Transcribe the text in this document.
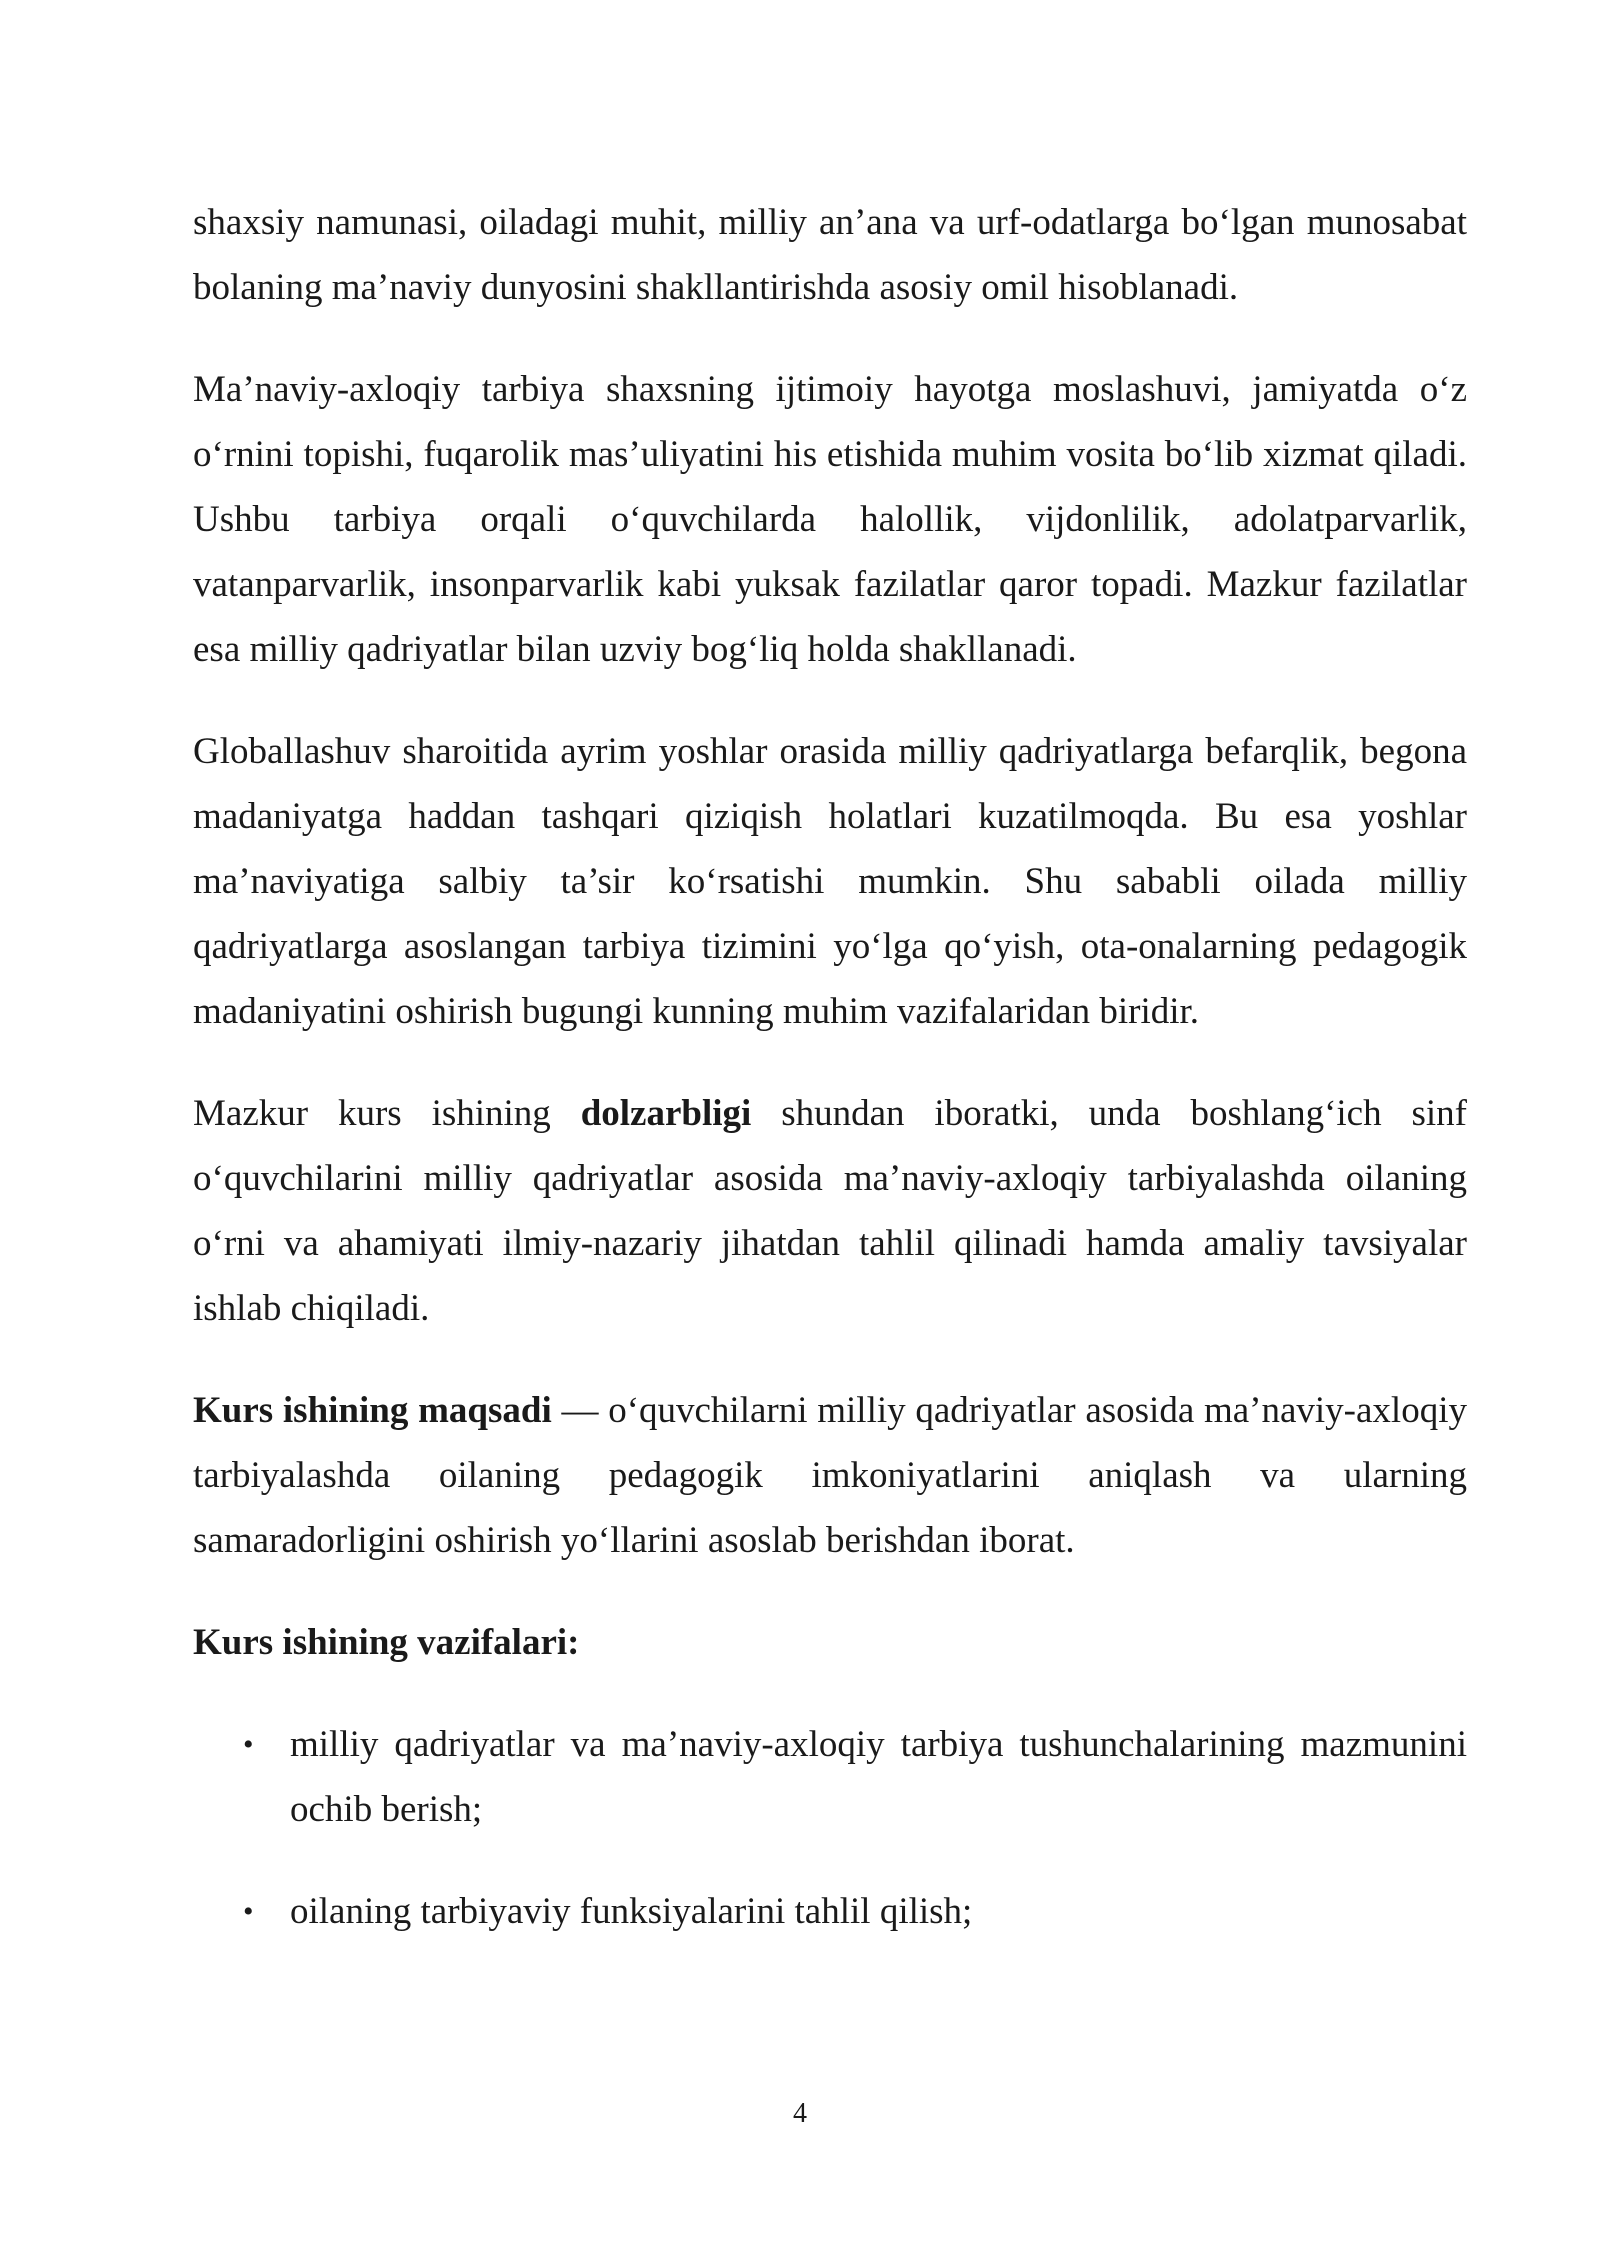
shaxsiy namunasi, oiladagi muhit, milliy an’ana va urf-odatlarga bo‘lgan munosabat bolaning ma’naviy dunyosini shakllantirishda asosiy omil hisoblanadi.

Ma’naviy-axloqiy tarbiya shaxsning ijtimoiy hayotga moslashuvi, jamiyatda o‘z o‘rnini topishi, fuqarolik mas’uliyatini his etishida muhim vosita bo‘lib xizmat qiladi. Ushbu tarbiya orqali o‘quvchilarda halollik, vijdonlilik, adolatparvarlik, vatanparvarlik, insonparvarlik kabi yuksak fazilatlar qaror topadi. Mazkur fazilatlar esa milliy qadriyatlar bilan uzviy bog‘liq holda shakllanadi.

Globallashuv sharoitida ayrim yoshlar orasida milliy qadriyatlarga befarqlik, begona madaniyatga haddan tashqari qiziqish holatlari kuzatilmoqda. Bu esa yoshlar ma’naviyatiga salbiy ta’sir ko‘rsatishi mumkin. Shu sababli oilada milliy qadriyatlarga asoslangan tarbiya tizimini yo‘lga qo‘yish, ota-onalarning pedagogik madaniyatini oshirish bugungi kunning muhim vazifalaridan biridir.

Mazkur kurs ishining dolzarbligi shundan iboratki, unda boshlang‘ich sinf o‘quvchilarini milliy qadriyatlar asosida ma’naviy-axloqiy tarbiyalashda oilaning o‘rni va ahamiyati ilmiy-nazariy jihatdan tahlil qilinadi hamda amaliy tavsiyalar ishlab chiqiladi.

Kurs ishining maqsadi — o‘quvchilarni milliy qadriyatlar asosida ma’naviy-axloqiy tarbiyalashda oilaning pedagogik imkoniyatlarini aniqlash va ularning samaradorligini oshirish yo‘llarini asoslab berishdan iborat.

Kurs ishining vazifalari:

• milliy qadriyatlar va ma’naviy-axloqiy tarbiya tushunchalarining mazmunini ochib berish;
• oilaning tarbiyaviy funksiyalarini tahlil qilish;
4
